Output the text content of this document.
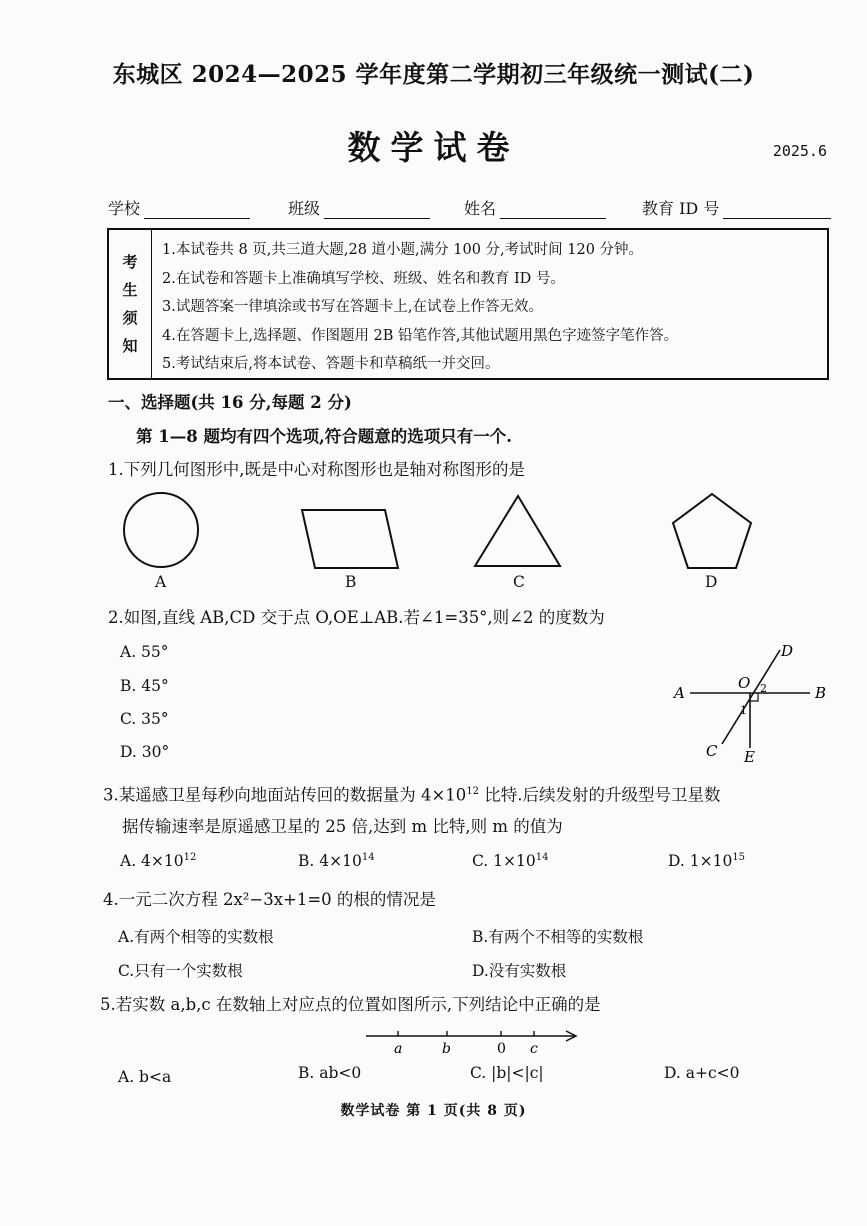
东城区 2024—2025 学年度第二学期初三年级统一测试(二)
数学试卷	2025.6
学校	班级	姓名	教育 ID 号
考
生
须
知
1.本试卷共 8 页,共三道大题,28 道小题,满分 100 分,考试时间 120 分钟。
2.在试卷和答题卡上准确填写学校、班级、姓名和教育 ID 号。
3.试题答案一律填涂或书写在答题卡上,在试卷上作答无效。
4.在答题卡上,选择题、作图题用 2B 铅笔作答,其他试题用黑色字迹签字笔作答。
5.考试结束后,将本试卷、答题卡和草稿纸一并交回。
一、选择题(共 16 分,每题 2 分)
第 1—8 题均有四个选项,符合题意的选项只有一个.
1.下列几何图形中,既是中心对称图形也是轴对称图形的是
A	B	C	D
2.如图,直线 AB,CD 交于点 O,OE⊥AB.若∠1=35°,则∠2 的度数为
A. 55°
B. 45°
C. 35°
D. 30°
A	B
D
C E
O 2
1
3.某遥感卫星每秒向地面站传回的数据量为 $4\times 10^{12}$ 比特.后续发射的升级型号卫星数
据传输速率是原遥感卫星的 25 倍,达到 m 比特,则 m 的值为
A. $4\times 10^{12}$	B. $4\times 10^{14}$	C. $1\times 10^{14}$	D. $1\times 10^{15}$
4.一元二次方程 2x²−3x+1=0 的根的情况是
A.有两个相等的实数根	B.有两个不相等的实数根
C.只有一个实数根	D.没有实数根
5.若实数 a,b,c 在数轴上对应点的位置如图所示,下列结论中正确的是
a	b	0 c
A. b<a	B. ab<0	C. |b|<|c|	D. a+c<0
数学试卷 第 1 页(共 8 页)
